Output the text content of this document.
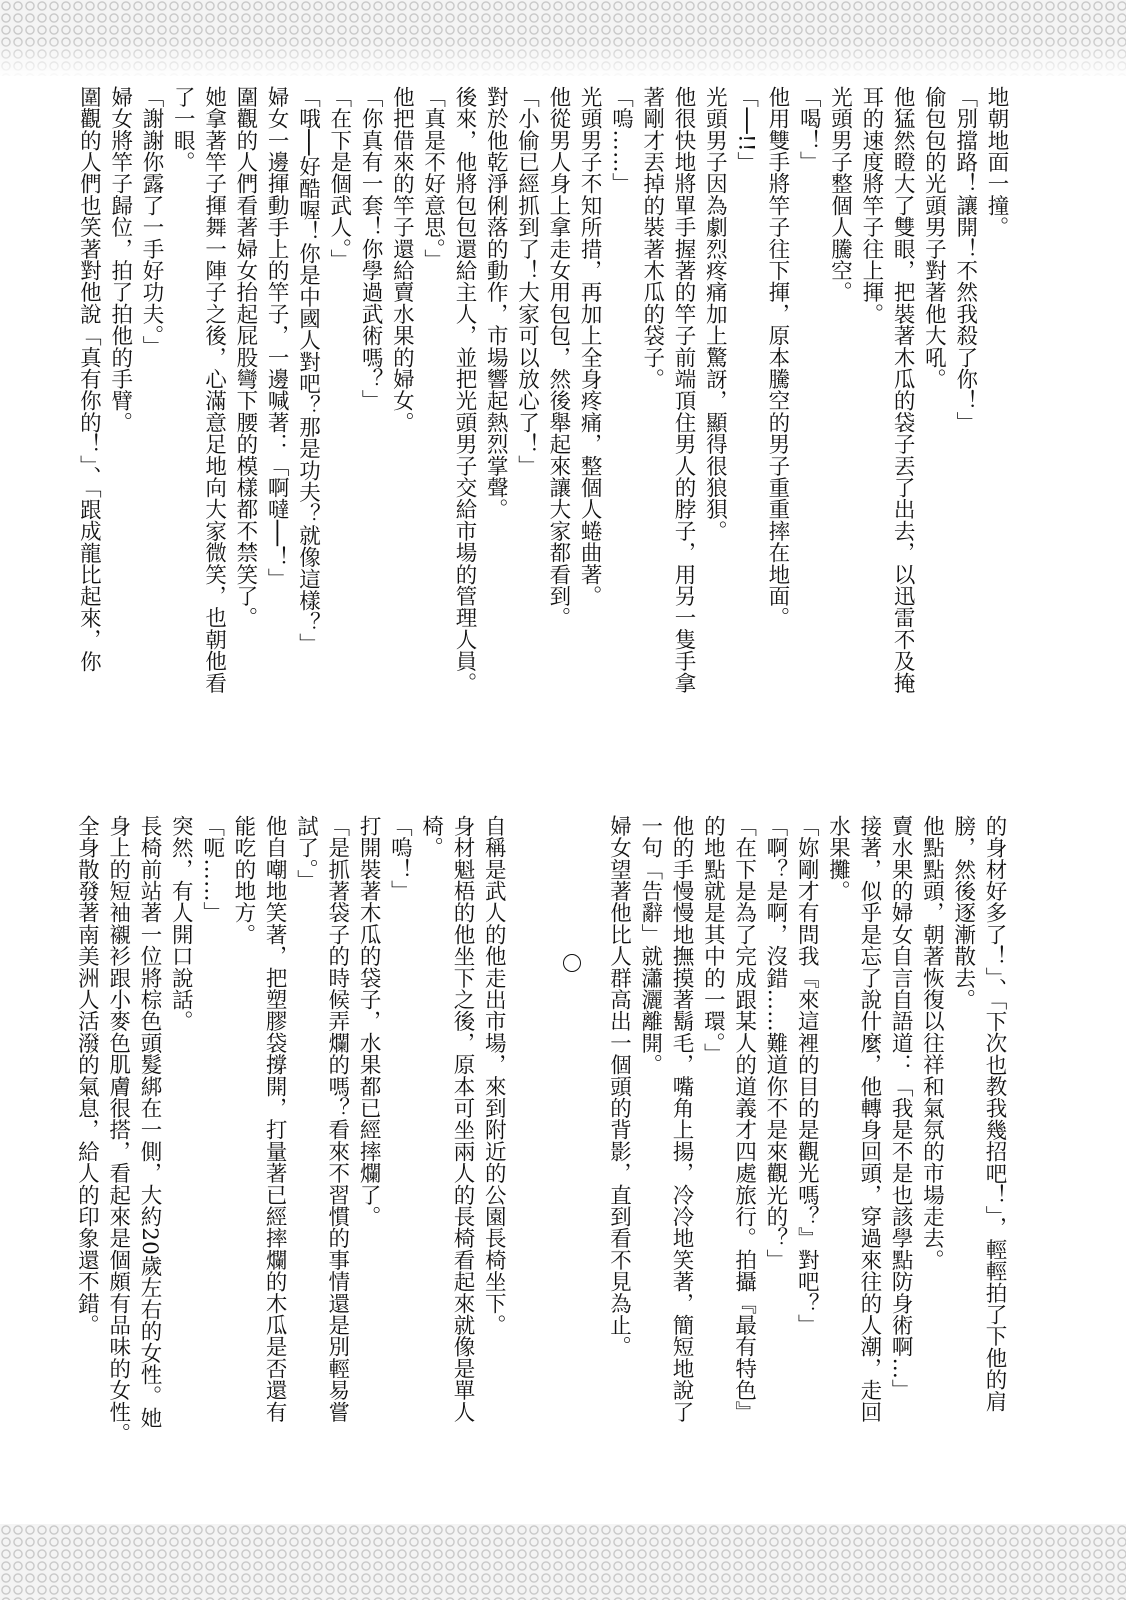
地朝地面一撞。
「別擋路！讓開！不然我殺了你！」
偷包包的光頭男子對著他大吼。
他猛然瞪大了雙眼，把裝著木瓜的袋子丟了出去，以迅雷不及掩
耳的速度將竿子往上揮。
光頭男子整個人騰空。
「喝！」
他用雙手將竿子往下揮，原本騰空的男子重重摔在地面。
「──!!」
光頭男子因為劇烈疼痛加上驚訝，顯得很狼狽。
他很快地將單手握著的竿子前端頂住男人的脖子，用另一隻手拿
著剛才丟掉的裝著木瓜的袋子。
「嗚……」
光頭男子不知所措，再加上全身疼痛，整個人蜷曲著。
他從男人身上拿走女用包包，然後舉起來讓大家都看到。
「小偷已經抓到了！大家可以放心了！」
對於他乾淨俐落的動作，市場響起熱烈掌聲。
後來，他將包包還給主人，並把光頭男子交給市場的管理人員。
「真是不好意思。」
他把借來的竿子還給賣水果的婦女。
「你真有一套！你學過武術嗎？」
「在下是個武人。」
「哦──好酷喔！你是中國人對吧？那是功夫？就像這樣？」
婦女一邊揮動手上的竿子，一邊喊著：「啊噠──！」
圍觀的人們看著婦女抬起屁股彎下腰的模樣都不禁笑了。
她拿著竿子揮舞一陣子之後，心滿意足地向大家微笑，也朝他看
了一眼。
「謝謝你露了一手好功夫。」
婦女將竿子歸位，拍了拍他的手臂。
圍觀的人們也笑著對他說「真有你的！」、「跟成龍比起來，你
的身材好多了！」、「下次也教我幾招吧！」，輕輕拍了下他的肩
膀，然後逐漸散去。
他點點頭，朝著恢復以往祥和氣氛的市場走去。
賣水果的婦女自言自語道：「我是不是也該學點防身術啊…」
接著，似乎是忘了說什麼，他轉身回頭，穿過來往的人潮，走回
水果攤。
「妳剛才有問我『來這裡的目的是觀光嗎？』對吧？」
「啊？是啊，沒錯……難道你不是來觀光的？」
「在下是為了完成跟某人的道義才四處旅行。拍攝『最有特色』
的地點就是其中的一環。」
他的手慢慢地撫摸著鬍毛，嘴角上揚，冷冷地笑著，簡短地說了
一句「告辭」就瀟灑離開。
婦女望著他比人群高出一個頭的背影，直到看不見為止。
自稱是武人的他走出市場，來到附近的公園長椅坐下。
身材魁梧的他坐下之後，原本可坐兩人的長椅看起來就像是單人
椅。
「嗚！」
打開裝著木瓜的袋子，水果都已經摔爛了。
「是抓著袋子的時候弄爛的嗎？看來不習慣的事情還是別輕易嘗
試了。」
他自嘲地笑著，把塑膠袋撐開，打量著已經摔爛的木瓜是否還有
能吃的地方。
「呃……」
突然，有人開口說話。
長椅前站著一位將棕色頭髮綁在一側，大約20歲左右的女性。她
身上的短袖襯衫跟小麥色肌膚很搭，看起來是個頗有品味的女性。
全身散發著南美洲人活潑的氣息，給人的印象還不錯。
